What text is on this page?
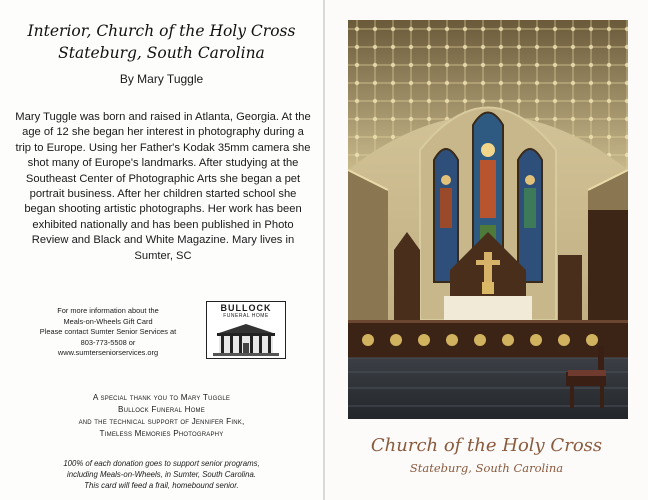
Interior, Church of the Holy Cross
Stateburg, South Carolina
By Mary Tuggle
Mary Tuggle was born and raised in Atlanta, Georgia. At the age of 12 she began her interest in photography during a trip to Europe. Using her Father's Kodak 35mm camera she shot many of Europe's landmarks. After studying at the Southeast Center of Photographic Arts she began a pet portrait business. After her children started school she began shooting artistic photographs. Her work has been exhibited nationally and has been published in Photo Review and Black and White Magazine. Mary lives in Sumter, SC
For more information about the
Meals-on-Wheels Gift Card
Please contact Sumter Senior Services at
803-773-5508 or
www.sumterseniorservices.org
BULLOCK
FUNERAL HOME
A special thank you to Mary Tuggle
Bullock Funeral Home
and the technical support of Jennifer Fink,
Timeless Memories Photography
100% of each donation goes to support senior programs,
including Meals-on-Wheels, in Sumter, South Carolina.
This card will feed a frail, homebound senior.
Church of the Holy Cross
Stateburg, South Carolina
